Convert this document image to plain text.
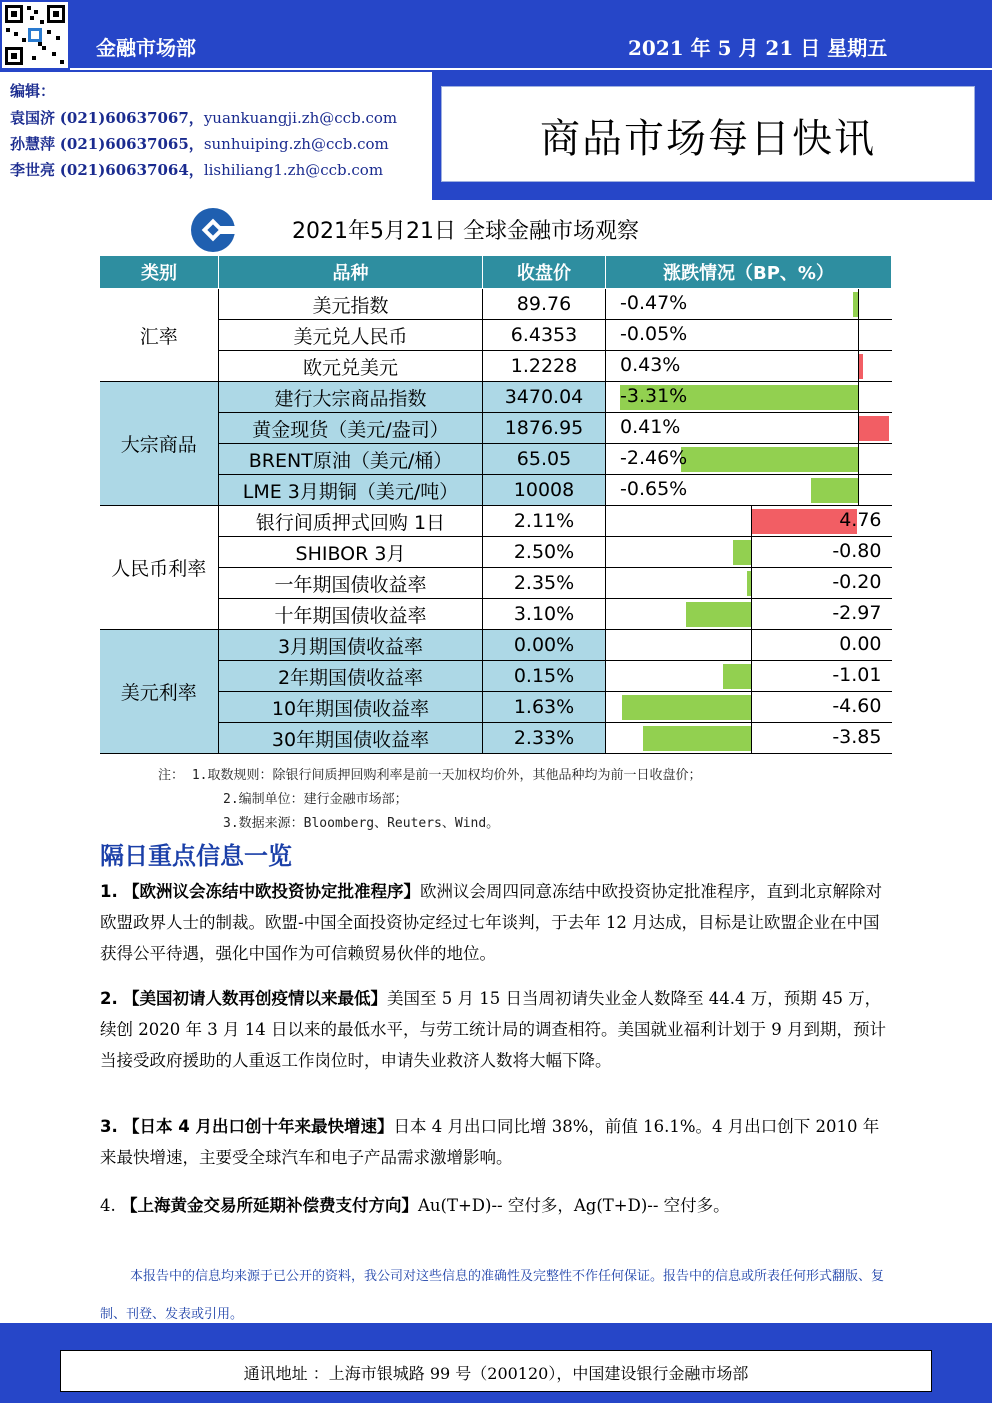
金融市场部	2021 年 5 月 21 日 星期五
编辑：
袁国济 (021)60637067，yuankuangji.zh@ccb.com
孙慧萍 (021)60637065，sunhuiping.zh@ccb.com
李世亮 (021)60637064，lishiliang1.zh@ccb.com
商品市场每日快讯
2021年5月21日 全球金融市场观察
类别	品种	收盘价	涨跌情况（BP、%）
汇率	美元指数	89.76	-0.47%

	美元兑人民币	6.4353	-0.05%

	欧元兑美元	1.2228	0.43%

大宗商品	建行大宗商品指数	3470.04	-3.31%

	黄金现货（美元/盎司）	1876.95	0.41%

	BRENT原油（美元/桶）	65.05	-2.46%

	LME 3月期铜（美元/吨）	10008	-0.65%

人民币利率	银行间质押式回购 1日	2.11%	4.76

	SHIBOR 3月	2.50%	-0.80

	一年期国债收益率	2.35%	-0.20

	十年期国债收益率	3.10%	-2.97

美元利率	3月期国债收益率	0.00%	0.00

	2年期国债收益率	0.15%	-1.01

	10年期国债收益率	1.63%	-4.60

	30年期国债收益率	2.33%	-3.85
注： 1.取数规则：除银行间质押回购利率是前一天加权均价外，其他品种均为前一日收盘价；
2.编制单位：建行金融市场部；
3.数据来源：Bloomberg、Reuters、Wind。
隔日重点信息一览
1. 【欧洲议会冻结中欧投资协定批准程序】欧洲议会周四同意冻结中欧投资协定批准程序，直到北京解除对欧盟政界人士的制裁。欧盟-中国全面投资协定经过七年谈判，于去年 12 月达成，目标是让欧盟企业在中国获得公平待遇，强化中国作为可信赖贸易伙伴的地位。
2. 【美国初请人数再创疫情以来最低】美国至 5 月 15 日当周初请失业金人数降至 44.4 万，预期 45 万，续创 2020 年 3 月 14 日以来的最低水平，与劳工统计局的调查相符。美国就业福利计划于 9 月到期，预计当接受政府援助的人重返工作岗位时，申请失业救济人数将大幅下降。
3. 【日本 4 月出口创十年来最快增速】日本 4 月出口同比增 38%，前值 16.1%。4 月出口创下 2010 年来最快增速，主要受全球汽车和电子产品需求激增影响。
4. 【上海黄金交易所延期补偿费支付方向】Au(T+D)-- 空付多，Ag(T+D)-- 空付多。
本报告中的信息均来源于已公开的资料，我公司对这些信息的准确性及完整性不作任何保证。报告中的信息或所表任何形式翻版、复制、刊登、发表或引用。
通讯地址 ：上海市银城路 99 号（200120），中国建设银行金融市场部
